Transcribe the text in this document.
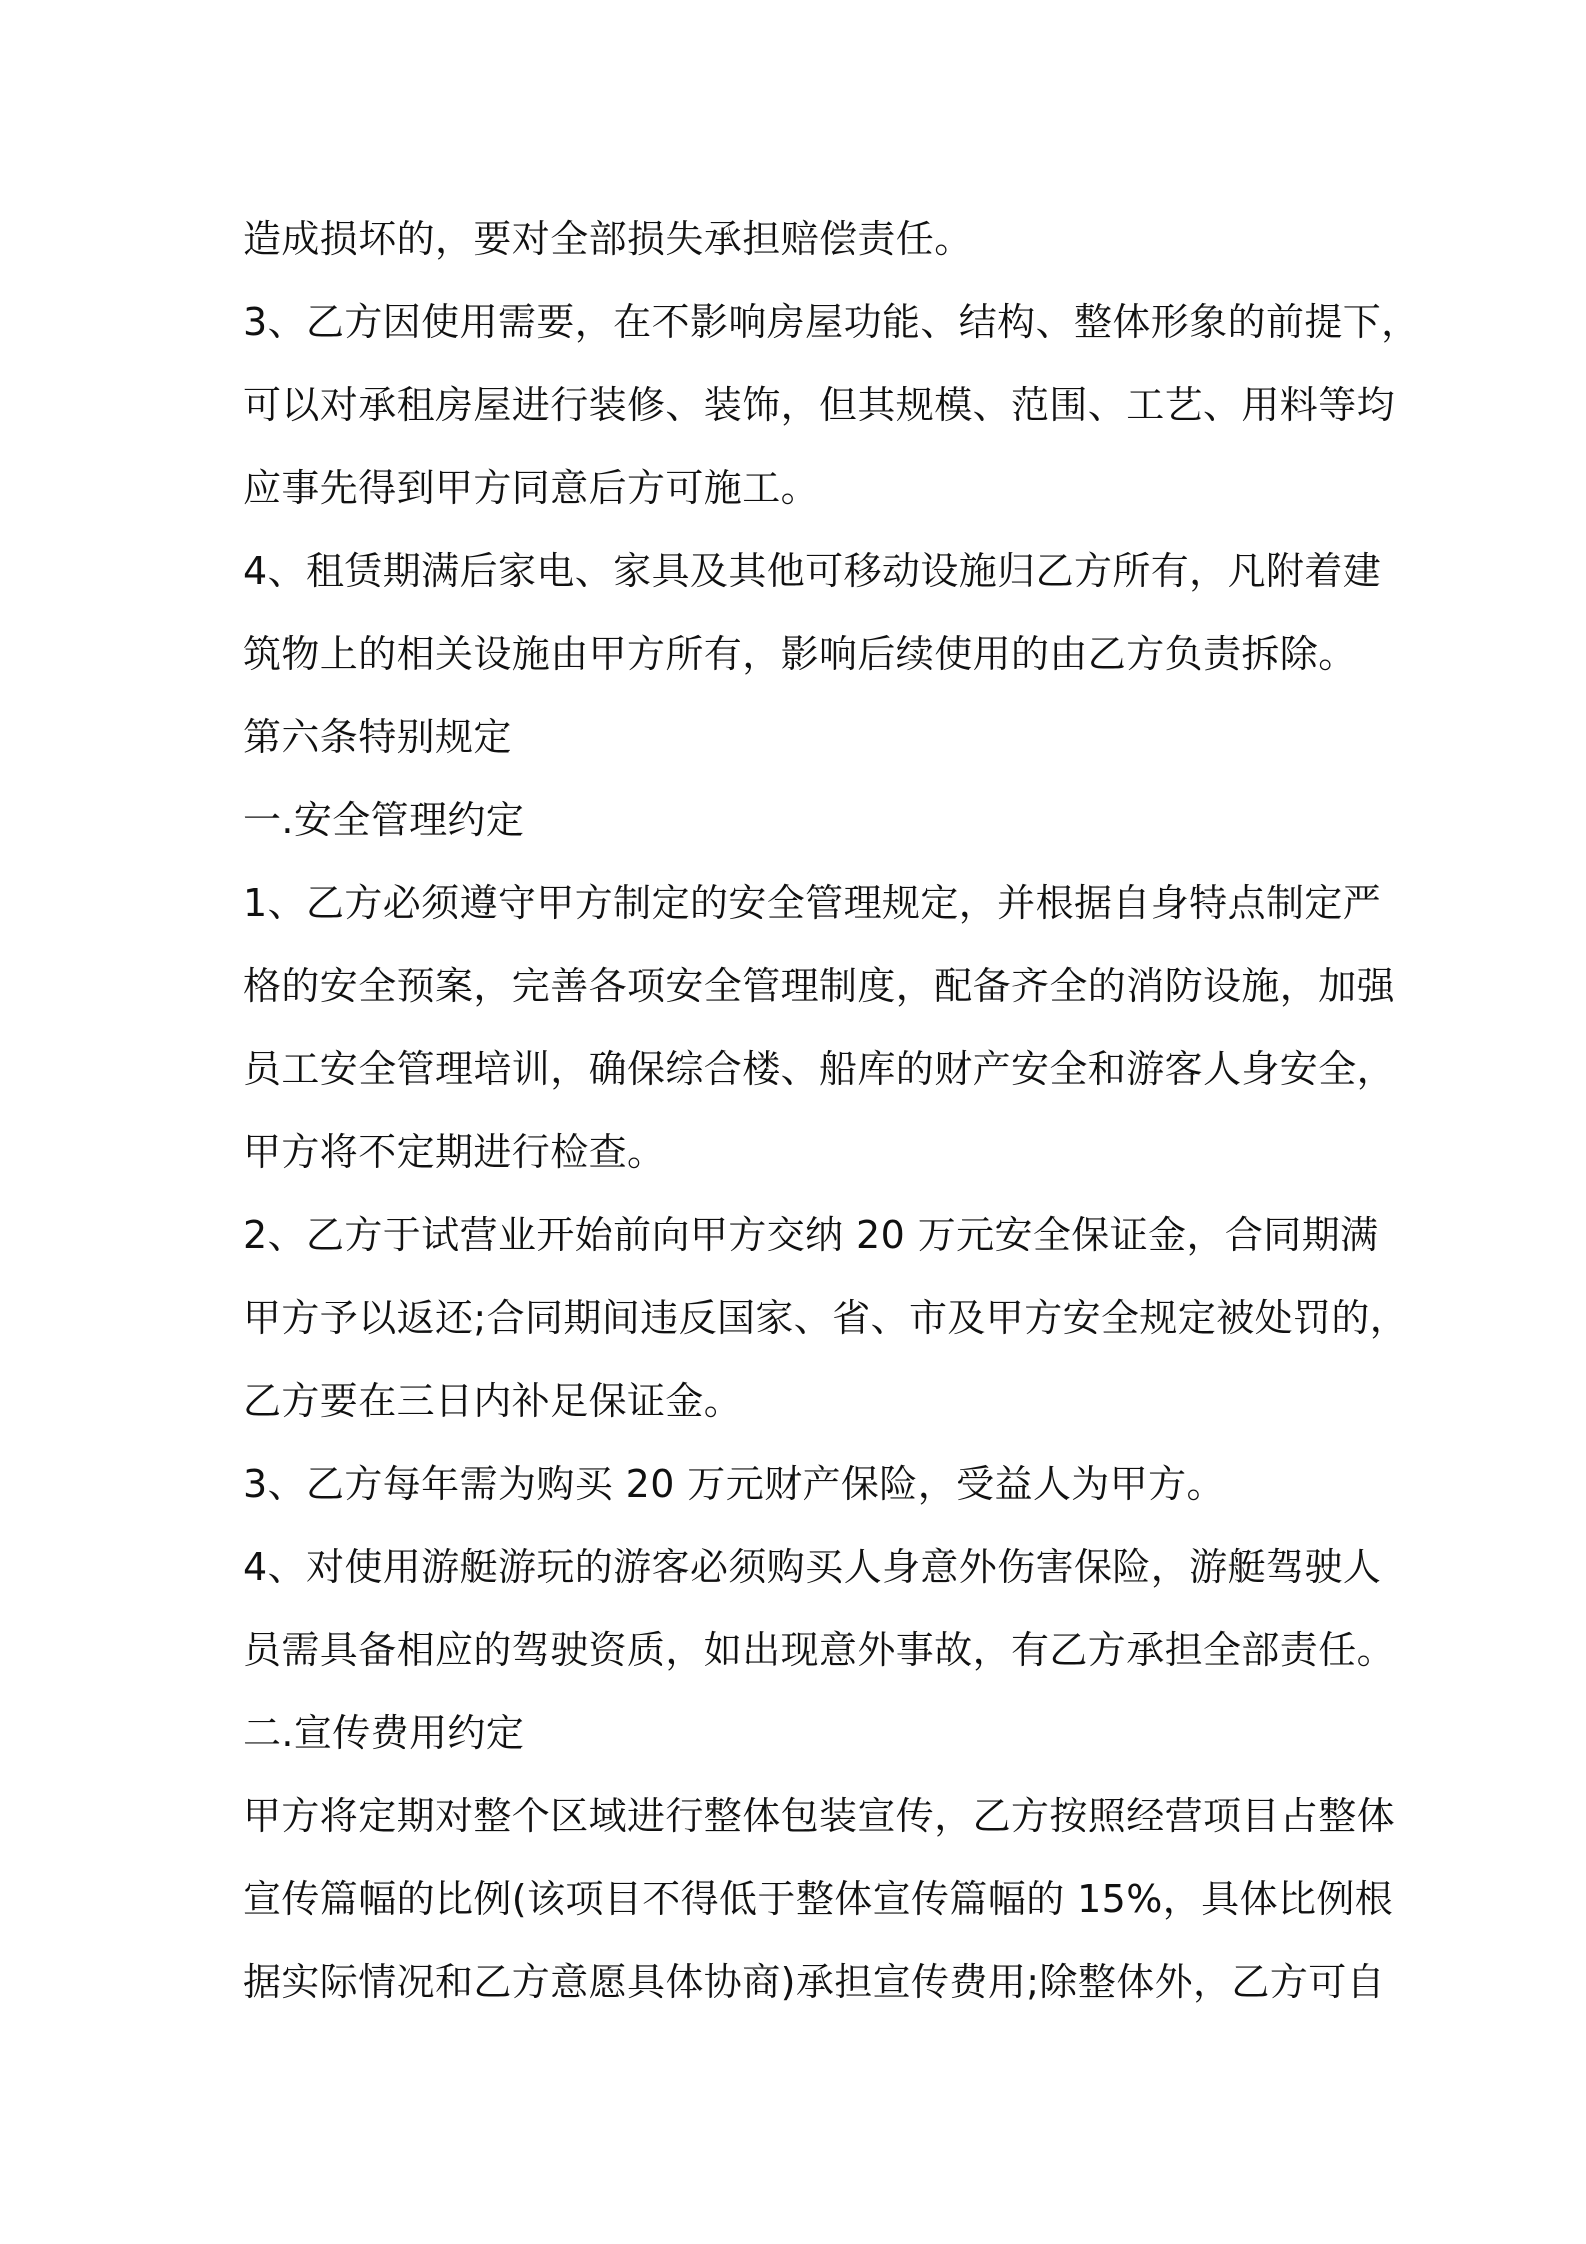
造成损坏的，要对全部损失承担赔偿责任。
3、乙方因使用需要，在不影响房屋功能、结构、整体形象的前提下，
可以对承租房屋进行装修、装饰，但其规模、范围、工艺、用料等均
应事先得到甲方同意后方可施工。
4、租赁期满后家电、家具及其他可移动设施归乙方所有，凡附着建
筑物上的相关设施由甲方所有，影响后续使用的由乙方负责拆除。
第六条特别规定
一.安全管理约定
1、乙方必须遵守甲方制定的安全管理规定，并根据自身特点制定严
格的安全预案，完善各项安全管理制度，配备齐全的消防设施，加强
员工安全管理培训，确保综合楼、船库的财产安全和游客人身安全，
甲方将不定期进行检查。
2、乙方于试营业开始前向甲方交纳 20 万元安全保证金，合同期满
甲方予以返还;合同期间违反国家、省、市及甲方安全规定被处罚的，
乙方要在三日内补足保证金。
3、乙方每年需为购买 20 万元财产保险，受益人为甲方。
4、对使用游艇游玩的游客必须购买人身意外伤害保险，游艇驾驶人
员需具备相应的驾驶资质，如出现意外事故，有乙方承担全部责任。
二.宣传费用约定
甲方将定期对整个区域进行整体包装宣传，乙方按照经营项目占整体
宣传篇幅的比例(该项目不得低于整体宣传篇幅的 15%，具体比例根
据实际情况和乙方意愿具体协商)承担宣传费用;除整体外，乙方可自
